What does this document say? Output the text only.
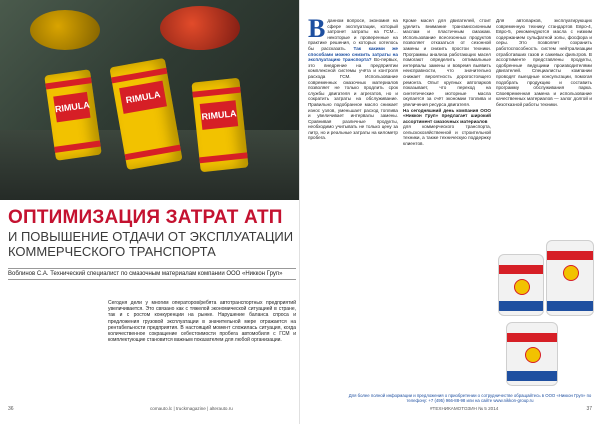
RIMULA
RIMULA
RIMULA
ОПТИМИЗАЦИЯ ЗАТРАТ АТП
И ПОВЫШЕНИЕ ОТДАЧИ ОТ ЭКСПЛУАТАЦИИ
КОММЕРЧЕСКОГО ТРАНСПОРТА
Воблинов С.А. Технический специалист по смазочным материалам компании ООО «Никкон Груп»
Сегодня дели у многим операторов/ребята автотранспортных предприятий увеличивается. Это связано как с тяжелой экономической ситуацией в стране, так и с ростом конкуренции на рынке. Нарушение баланса спроса и предложения грузовой эксплуатации в значительной мере отражается на рентабельности предприятия. В настоящий момент сложилась ситуация, когда количественное сокращение себестоимости пробега автомобиля с ГСМ и комплектующие становится важным показателем для любой организации.
36	comauto.lc | truckmagazine | alterauto.ru
В данном вопросе, экономия на сфере эксплуатации, который затронет затраты на ГСМ… некоторые и проверенные на практике решения, о которых хотелось бы рассказать. Так какими же способами можно снизить затраты на эксплуатацию транспорта? Во-первых, это внедрение на предприятии комплексной системы учёта и контроля расхода ГСМ. Использование современных смазочных материалов позволяет не только продлить срок службы двигателя и агрегатов, но и сократить затраты на обслуживание. Правильно подобранное масло снижает износ узлов, уменьшает расход топлива и увеличивает интервалы замены. Сравнивая различные продукты, необходимо учитывать не только цену за литр, но и реальные затраты на километр пробега.
Кроме масел для двигателей, стоит уделить внимание трансмиссионным маслам и пластичным смазкам. Использование всесезонных продуктов позволяет отказаться от сезонной замены и снизить простои техники. Программы анализа работающих масел помогают определить оптимальные интервалы замены и вовремя выявить неисправности, что значительно снижает вероятность дорогостоящего ремонта. Опыт крупных автопарков показывает, что переход на синтетические моторные масла окупается за счёт экономии топлива и увеличения ресурса двигателя.
На сегодняшний день компания ООО «Никкон Груп» предлагает широкий ассортимент смазочных материалов
для коммерческого транспорта, сельскохозяйственной и строительной техники, а также техническую поддержку клиентов.
Для автопарков, эксплуатирующих современную технику стандартов Евро-4, Евро-5, рекомендуются масла с низким содержанием сульфатной золы, фосфора и серы. Это позволяет сохранить работоспособность систем нейтрализации отработавших газов и сажевых фильтров. В ассортименте представлены продукты, одобренные ведущими производителями двигателей. Специалисты компании проводят выездные консультации, помогая подобрать продукцию и составить программу обслуживания парка. Своевременная замена и использование качественных материалов — залог долгой и безотказной работы техники.
Для более полной информации и предложения о приобретении о сотрудничестве обращайтесь в ООО «Никкон Груп» по телефону: +7 (495) 966-88-98 или на сайте www.nikkon-group.ru
#ТЕХНИКАМОТОЗИН № 5 2014	37
